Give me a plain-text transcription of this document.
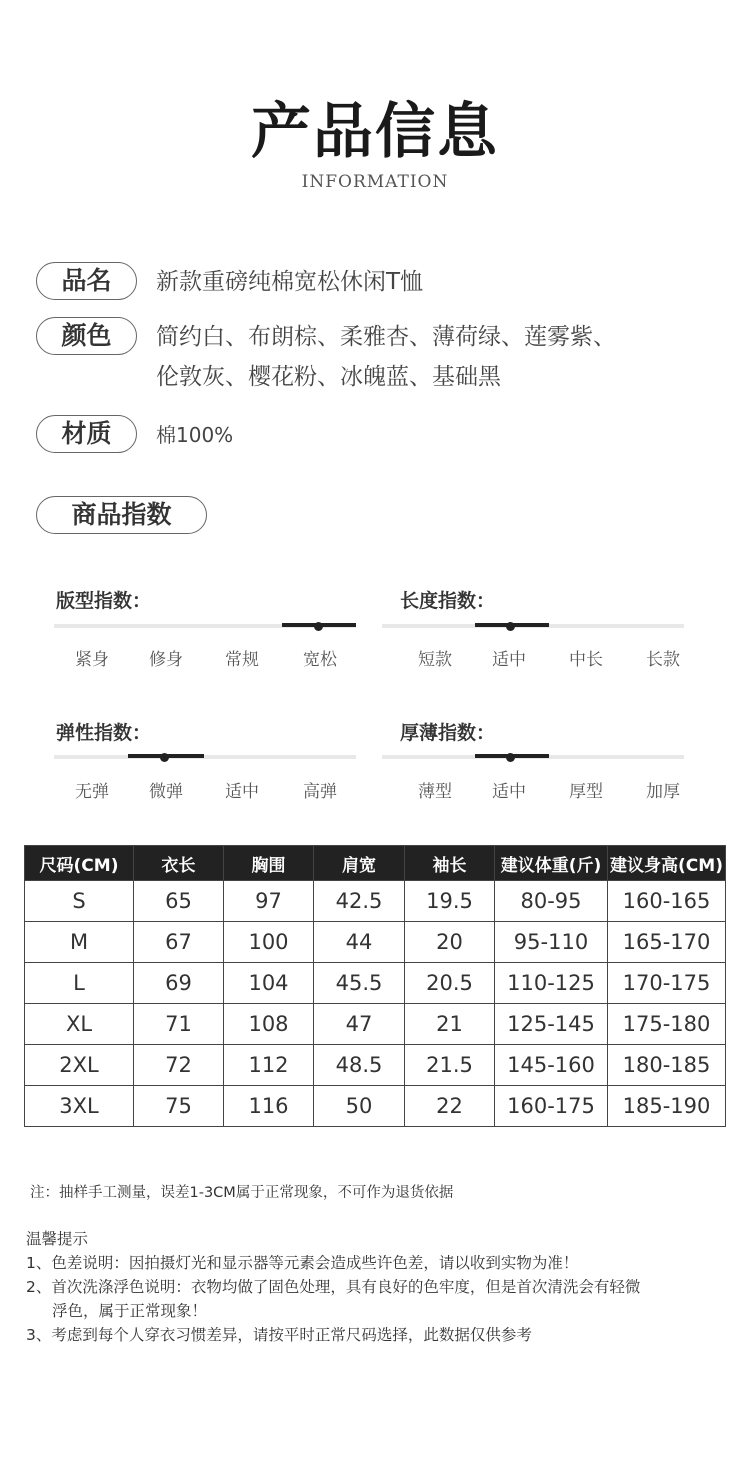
产品信息
INFORMATION
品名	新款重磅纯棉宽松休闲T恤
颜色	简约白、布朗棕、柔雅杏、薄荷绿、莲雾紫、
伦敦灰、樱花粉、冰魄蓝、基础黑
材质	棉100%
商品指数
版型指数：
紧身	修身	常规	宽松
长度指数：
短款	适中	中长	长款
弹性指数：
无弹	微弹	适中	高弹
厚薄指数：
薄型	适中	厚型	加厚
尺码(CM)	衣长	胸围	肩宽	袖长	建议体重(斤)	建议身高(CM)
S	65	97	42.5	19.5	80-95	160-165
M	67	100	44	20	95-110	165-170
L	69	104	45.5	20.5	110-125	170-175
XL	71	108	47	21	125-145	175-180
2XL	72	112	48.5	21.5	145-160	180-185
3XL	75	116	50	22	160-175	185-190
注：抽样手工测量，误差1-3CM属于正常现象，不可作为退货依据
温馨提示
1、色差说明：因拍摄灯光和显示器等元素会造成些许色差，请以收到实物为准！
2、首次洗涤浮色说明：衣物均做了固色处理，具有良好的色牢度，但是首次清洗会有轻微
浮色，属于正常现象！
3、考虑到每个人穿衣习惯差异，请按平时正常尺码选择，此数据仅供参考
